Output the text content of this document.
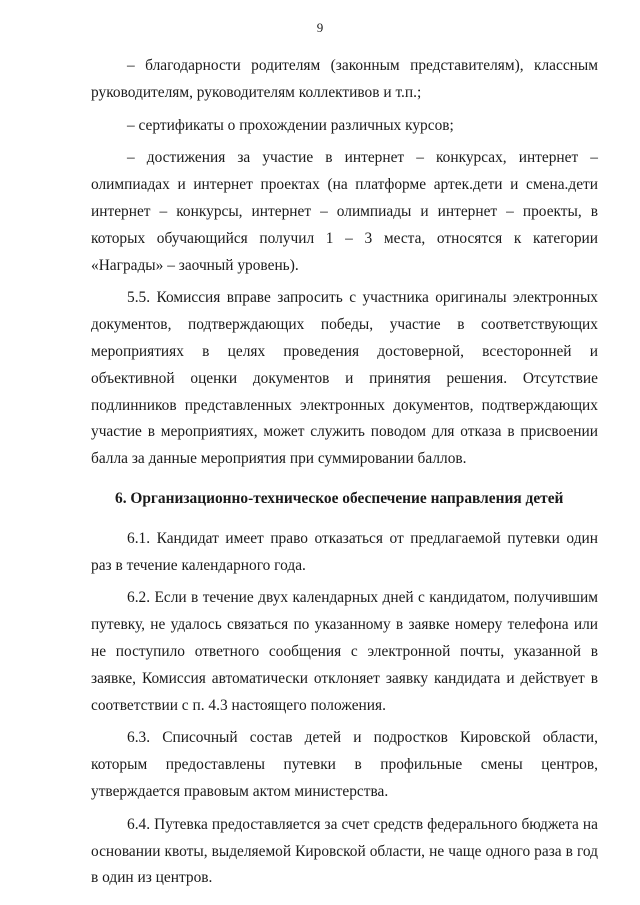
9

– благодарности родителям (законным представителям), классным руководителям, руководителям коллективов и т.п.;

– сертификаты о прохождении различных курсов;

– достижения за участие в интернет – конкурсах, интернет – олимпиадах и интернет проектах (на платформе артек.дети и смена.дети интернет – конкурсы, интернет – олимпиады и интернет – проекты, в которых обучающийся получил 1 – 3 места, относятся к категории «Награды» – заочный уровень).

5.5. Комиссия вправе запросить с участника оригиналы электронных документов, подтверждающих победы, участие в соответствующих мероприятиях в целях проведения достоверной, всесторонней и объективной оценки документов и принятия решения. Отсутствие подлинников представленных электронных документов, подтверждающих участие в мероприятиях, может служить поводом для отказа в присвоении балла за данные мероприятия при суммировании баллов.

6. Организационно-техническое обеспечение направления детей

6.1. Кандидат имеет право отказаться от предлагаемой путевки один раз в течение календарного года.

6.2. Если в течение двух календарных дней с кандидатом, получившим путевку, не удалось связаться по указанному в заявке номеру телефона или не поступило ответного сообщения с электронной почты, указанной в заявке, Комиссия автоматически отклоняет заявку кандидата и действует в соответствии с п. 4.3 настоящего положения.

6.3. Списочный состав детей и подростков Кировской области, которым предоставлены путевки в профильные смены центров, утверждается правовым актом министерства.

6.4. Путевка предоставляется за счет средств федерального бюджета на основании квоты, выделяемой Кировской области, не чаще одного раза в год в один из центров.
